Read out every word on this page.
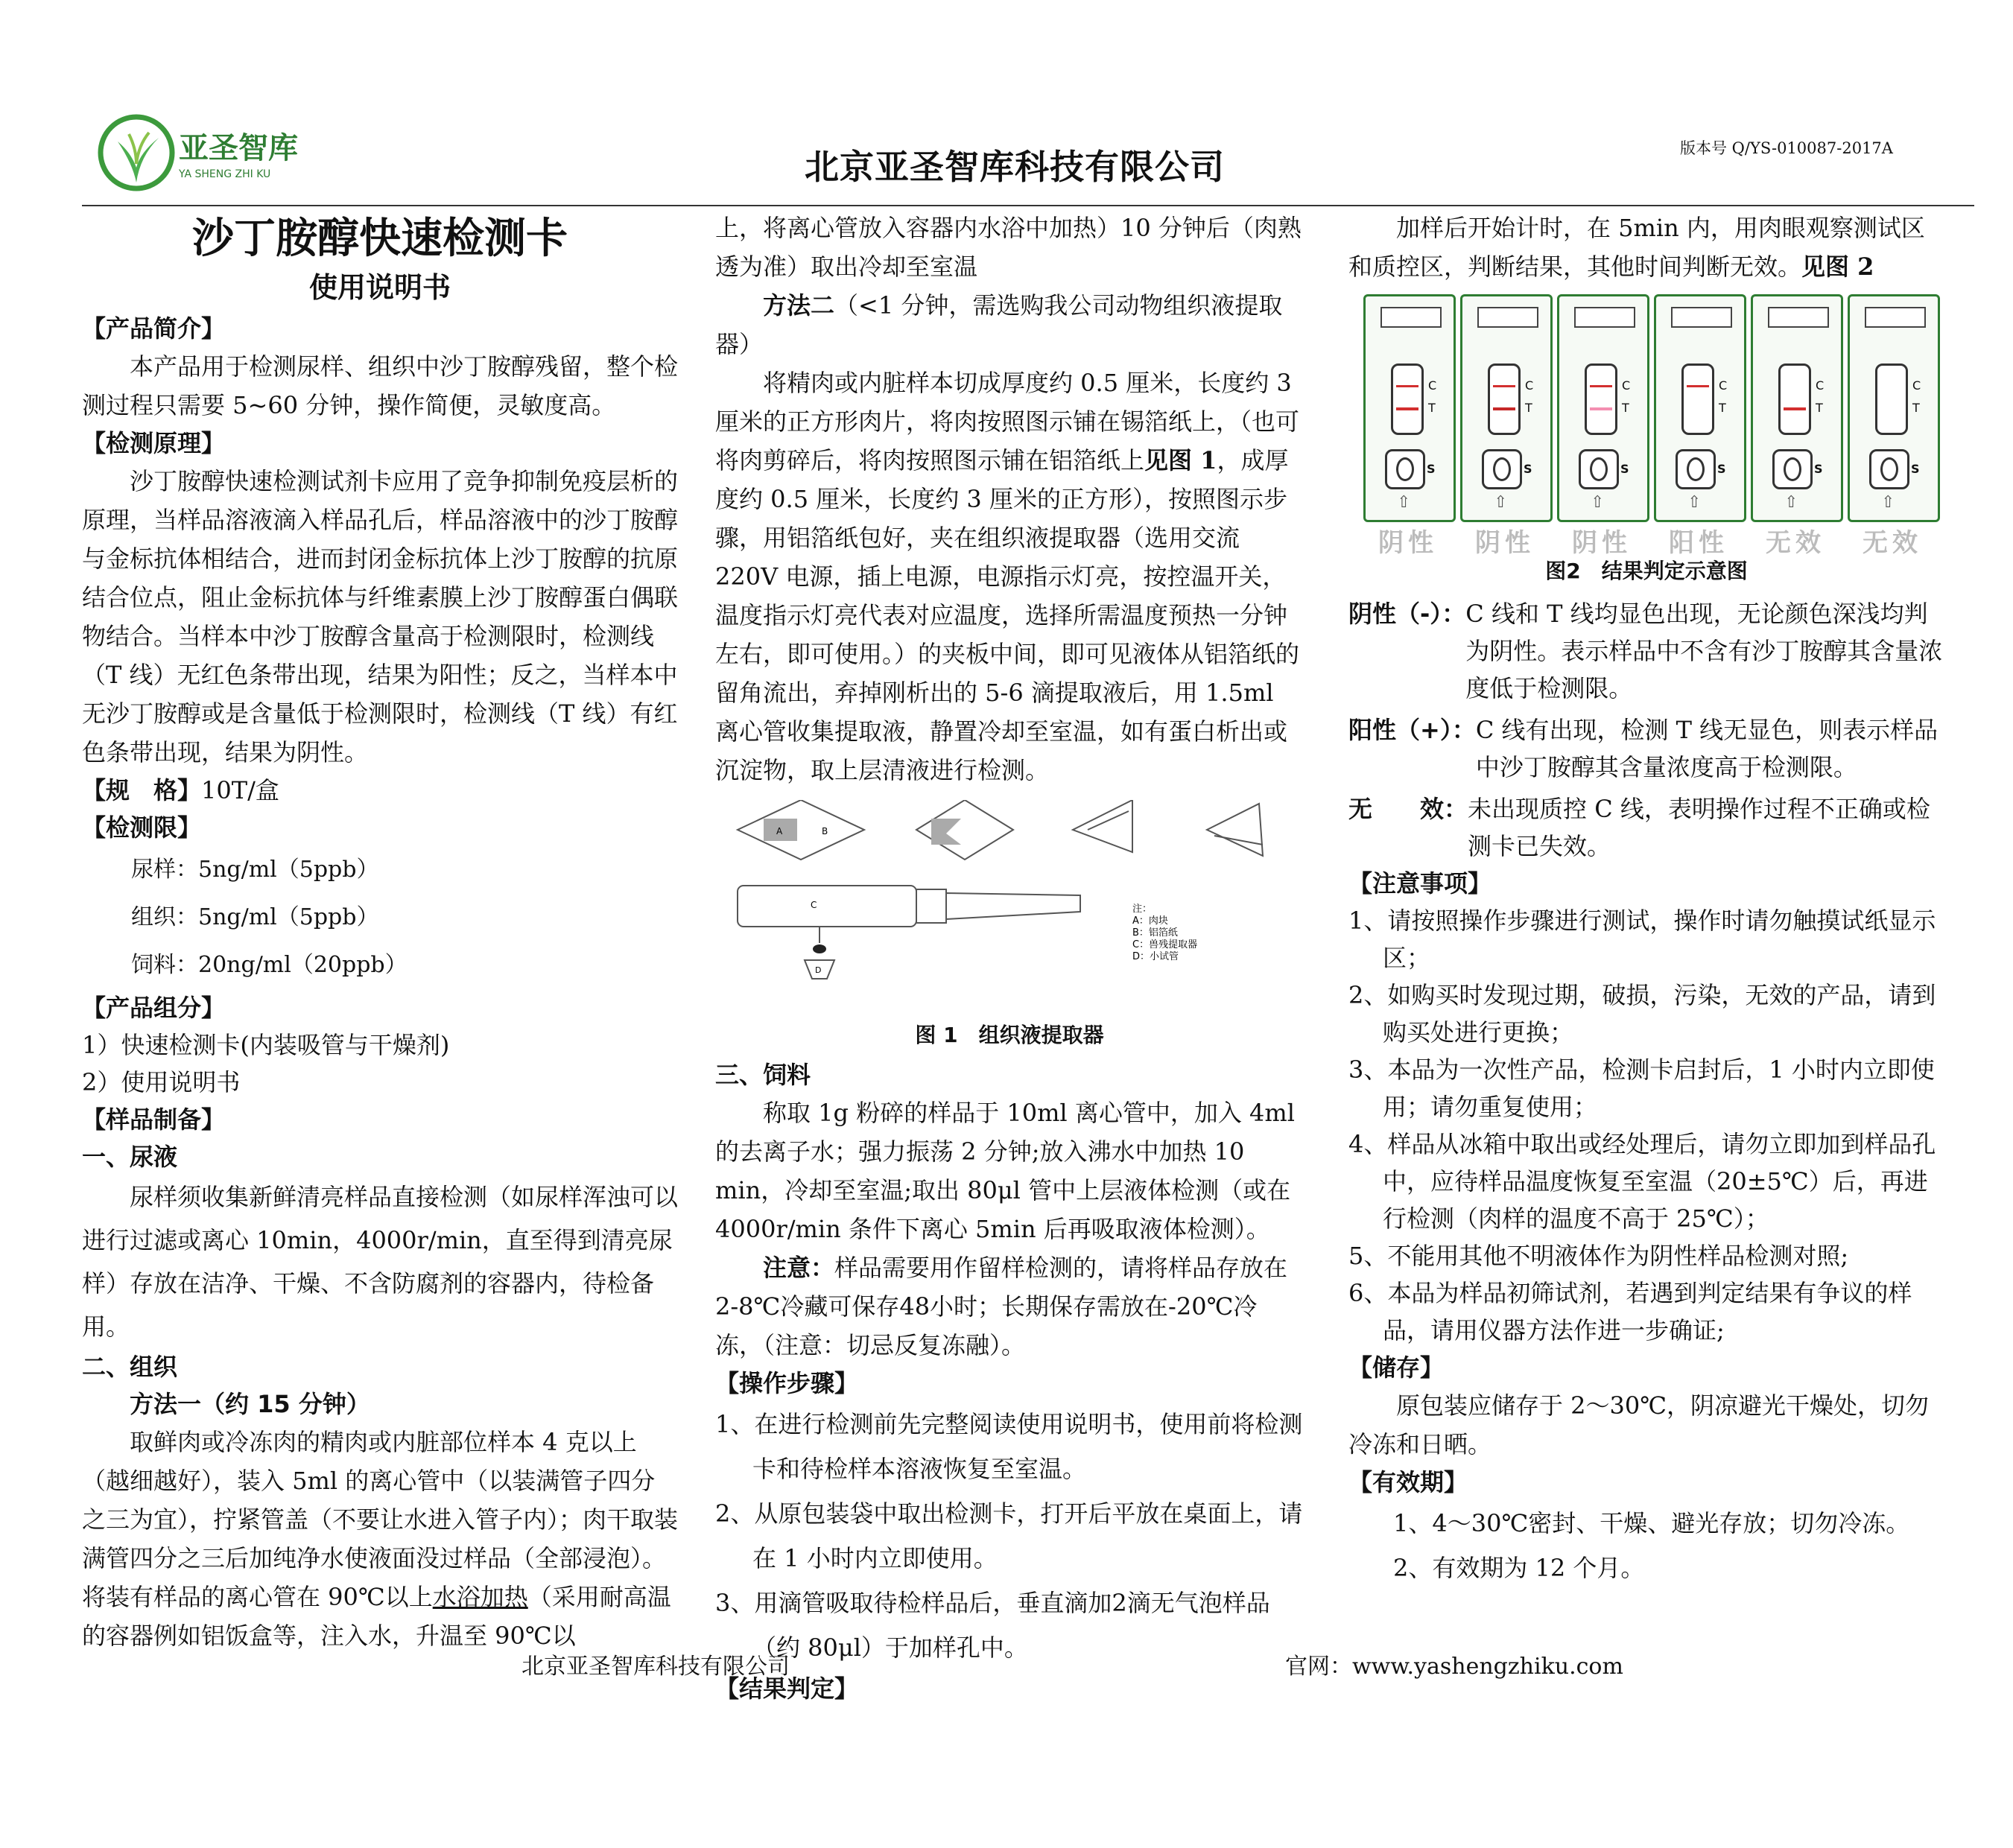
亚圣智库
YA SHENG ZHI KU	北京亚圣智库科技有限公司	版本号 Q/YS-010087-2017A
沙丁胺醇快速检测卡
使用说明书
【产品简介】

本产品用于检测尿样、组织中沙丁胺醇残留，整个检测过程只需要 5~60 分钟，操作简便，灵敏度高。

【检测原理】

沙丁胺醇快速检测试剂卡应用了竞争抑制免疫层析的原理，当样品溶液滴入样品孔后，样品溶液中的沙丁胺醇与金标抗体相结合，进而封闭金标抗体上沙丁胺醇的抗原结合位点，阻止金标抗体与纤维素膜上沙丁胺醇蛋白偶联物结合。当样本中沙丁胺醇含量高于检测限时，检测线（T 线）无红色条带出现，结果为阳性；反之，当样本中无沙丁胺醇或是含量低于检测限时，检测线（T 线）有红色条带出现，结果为阴性。

【规　格】10T/盒
【检测限】
尿样：5ng/ml（5ppb）
组织：5ng/ml（5ppb）
饲料：20ng/ml（20ppb）
【产品组分】
1）快速检测卡(内装吸管与干燥剂)
2）使用说明书
【样品制备】
一、尿液

尿样须收集新鲜清亮样品直接检测（如尿样浑浊可以进行过滤或离心 10min，4000r/min，直至得到清亮尿样）存放在洁净、干燥、不含防腐剂的容器内，待检备用。

二、组织
方法一（约 15 分钟）

取鲜肉或冷冻肉的精肉或内脏部位样本 4 克以上（越细越好），装入 5ml 的离心管中（以装满管子四分之三为宜），拧紧管盖（不要让水进入管子内）；肉干取装满管四分之三后加纯净水使液面没过样品（全部浸泡）。将装有样品的离心管在 90℃以上水浴加热（采用耐高温的容器例如铝饭盒等，注入水，升温至 90℃以

上，将离心管放入容器内水浴中加热）10 分钟后（肉熟透为准）取出冷却至室温

方法二（<1 分钟，需选购我公司动物组织液提取器）

将精肉或内脏样本切成厚度约 0.5 厘米，长度约 3 厘米的正方形肉片，将肉按照图示铺在锡箔纸上，（也可将肉剪碎后，将肉按照图示铺在铝箔纸上见图 1，成厚度约 0.5 厘米，长度约 3 厘米的正方形），按照图示步骤，用铝箔纸包好，夹在组织液提取器（选用交流 220V 电源，插上电源，电源指示灯亮，按控温开关，温度指示灯亮代表对应温度，选择所需温度预热一分钟左右，即可使用。）的夹板中间，即可见液体从铝箔纸的留角流出，弃掉刚析出的 5-6 滴提取液后，用 1.5ml 离心管收集提取液，静置冷却至室温，如有蛋白析出或沉淀物，取上层清液进行检测。

A	B
C
D
注：
A：肉块
B：铝箔纸
C：兽残提取器
D：小试管
图 1　组织液提取器
三、饲料

称取 1g 粉碎的样品于 10ml 离心管中，加入 4ml 的去离子水；强力振荡 2 分钟;放入沸水中加热 10 min，冷却至室温;取出 80μl 管中上层液体检测（或在 4000r/min 条件下离心 5min 后再吸取液体检测）。

注意：样品需要用作留样检测的，请将样品存放在2-8℃冷藏可保存48小时；长期保存需放在-20℃冷冻，（注意：切忌反复冻融）。

【操作步骤】
1、在进行检测前先完整阅读使用说明书，使用前将检测卡和待检样本溶液恢复至室温。
2、从原包装袋中取出检测卡，打开后平放在桌面上，请在 1 小时内立即使用。
3、用滴管吸取待检样品后，垂直滴加2滴无气泡样品（约 80μl）于加样孔中。
【结果判定】

加样后开始计时，在 5min 内，用肉眼观察测试区和质控区，判断结果，其他时间判断无效。见图 2

C
T
S
⇧
阴性
C
T
S
⇧
阴性
C
T
S
⇧
阴性
C
T
S
⇧
阳性
C
T
S
⇧
无效
C
T
S
⇧
无效
图2　结果判定示意图
阴性（-）： C 线和 T 线均显色出现，无论颜色深浅均判为阴性。表示样品中不含有沙丁胺醇其含量浓度低于检测限。
阳性（+）： C 线有出现，检测 T 线无显色，则表示样品中沙丁胺醇其含量浓度高于检测限。
无　　效： 未出现质控 C 线，表明操作过程不正确或检测卡已失效。
【注意事项】
1、请按照操作步骤进行测试，操作时请勿触摸试纸显示区；
2、如购买时发现过期，破损，污染，无效的产品，请到购买处进行更换；
3、本品为一次性产品，检测卡启封后，1 小时内立即使用；请勿重复使用；
4、样品从冰箱中取出或经处理后，请勿立即加到样品孔中，应待样品温度恢复至室温（20±5℃）后，再进行检测（肉样的温度不高于 25℃）；
5、不能用其他不明液体作为阴性样品检测对照;
6、本品为样品初筛试剂，若遇到判定结果有争议的样品，请用仪器方法作进一步确证;
【储存】

原包装应储存于 2～30℃，阴凉避光干燥处，切勿冷冻和日晒。

【有效期】
1、4～30℃密封、干燥、避光存放；切勿冷冻。
2、有效期为 12 个月。
北京亚圣智库科技有限公司	官网：www.yashengzhiku.com
